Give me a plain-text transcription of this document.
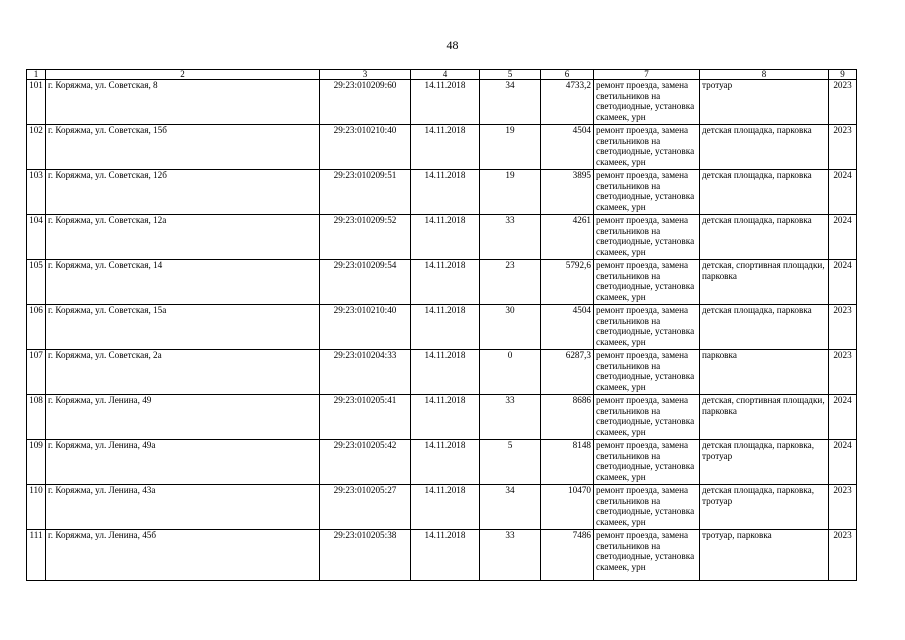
48
1	2	3	4	5	6	7	8	9
101	г. Коряжма, ул. Советская, 8	29:23:010209:60	14.11.2018	34	4733,2	ремонт проезда, замена светильников на светодиодные, установка скамеек, урн	тротуар	2023
102	г. Коряжма, ул. Советская, 15б	29:23:010210:40	14.11.2018	19	4504	ремонт проезда, замена светильников на светодиодные, установка скамеек, урн	детская площадка, парковка	2023
103	г. Коряжма, ул. Советская, 12б	29:23:010209:51	14.11.2018	19	3895	ремонт проезда, замена светильников на светодиодные, установка скамеек, урн	детская площадка, парковка	2024
104	г. Коряжма, ул. Советская, 12а	29:23:010209:52	14.11.2018	33	4261	ремонт проезда, замена светильников на светодиодные, установка скамеек, урн	детская площадка, парковка	2024
105	г. Коряжма, ул. Советская, 14	29:23:010209:54	14.11.2018	23	5792,6	ремонт проезда, замена светильников на светодиодные, установка скамеек, урн	детская, спортивная площадки, парковка	2024
106	г. Коряжма, ул. Советская, 15а	29:23:010210:40	14.11.2018	30	4504	ремонт проезда, замена светильников на светодиодные, установка скамеек, урн	детская площадка, парковка	2023
107	г. Коряжма, ул. Советская, 2а	29:23:010204:33	14.11.2018	0	6287,3	ремонт проезда, замена светильников на светодиодные, установка скамеек, урн	парковка	2023
108	г. Коряжма, ул. Ленина, 49	29:23:010205:41	14.11.2018	33	8686	ремонт проезда, замена светильников на светодиодные, установка скамеек, урн	детская, спортивная площадки, парковка	2024
109	г. Коряжма, ул. Ленина, 49а	29:23:010205:42	14.11.2018	5	8148	ремонт проезда, замена светильников на светодиодные, установка скамеек, урн	детская площадка, парковка, тротуар	2024
110	г. Коряжма, ул. Ленина, 43а	29:23:010205:27	14.11.2018	34	10470	ремонт проезда, замена светильников на светодиодные, установка скамеек, урн	детская площадка, парковка, тротуар	2023
111	г. Коряжма, ул. Ленина, 45б	29:23:010205:38	14.11.2018	33	7486	ремонт проезда, замена светильников на светодиодные, установка скамеек, урн	тротуар, парковка	2023
